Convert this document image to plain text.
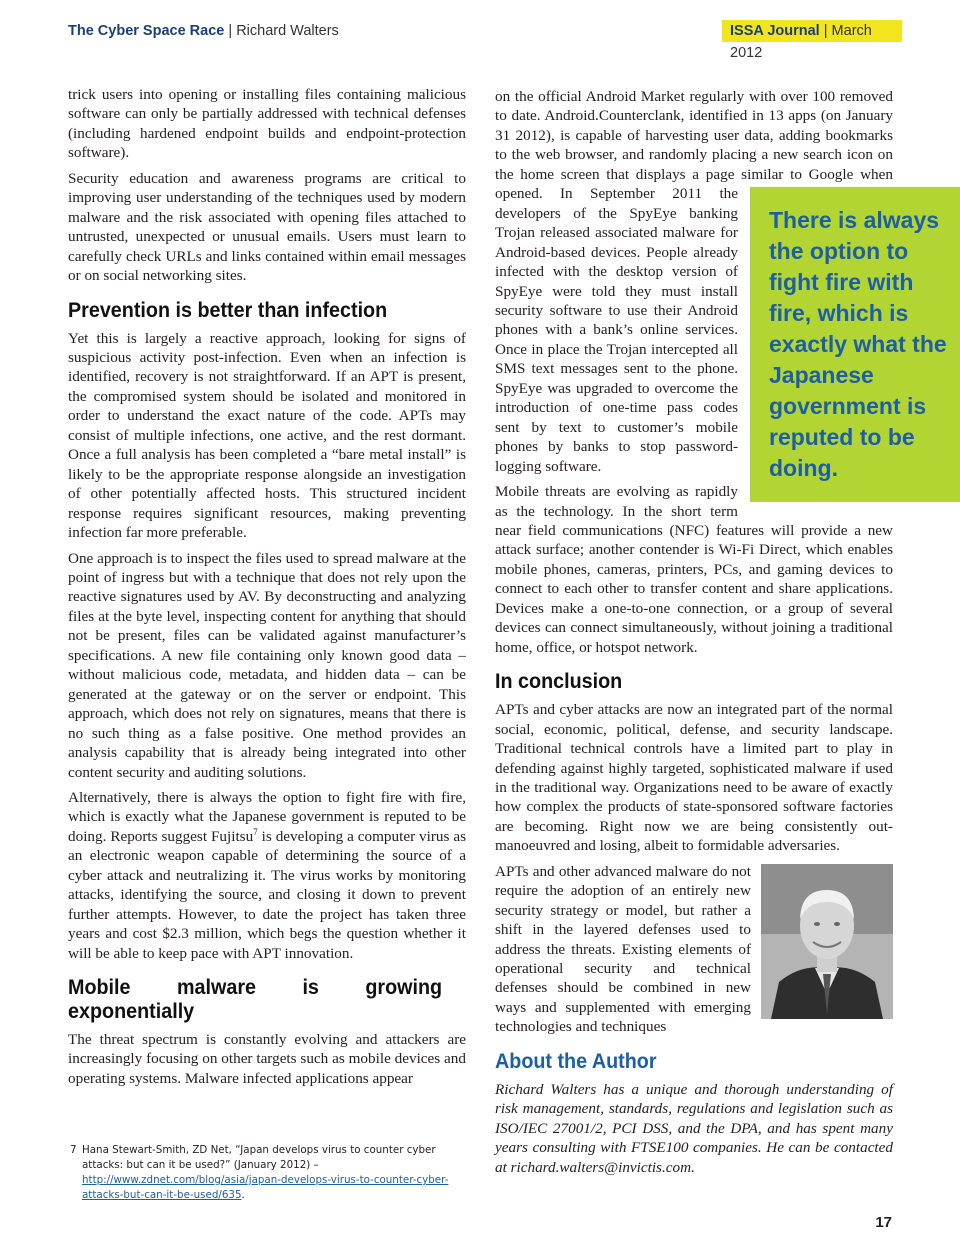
The Cyber Space Race | Richard Walters	ISSA Journal | March 2012

trick users into opening or installing files containing malicious software can only be partially addressed with technical defenses (including hardened endpoint builds and endpoint-protection software).

Security education and awareness programs are critical to improving user understanding of the techniques used by modern malware and the risk associated with opening files attached to untrusted, unexpected or unusual emails. Users must learn to carefully check URLs and links contained within email messages or on social networking sites.

Prevention is better than infection

Yet this is largely a reactive approach, looking for signs of suspicious activity post-infection. Even when an infection is identified, recovery is not straightforward. If an APT is present, the compromised system should be isolated and monitored in order to understand the exact nature of the code. APTs may consist of multiple infections, one active, and the rest dormant. Once a full analysis has been completed a “bare metal install” is likely to be the appropriate response alongside an investigation of other potentially affected hosts. This structured incident response requires significant resources, making preventing infection far more preferable.

One approach is to inspect the files used to spread malware at the point of ingress but with a technique that does not rely upon the reactive signatures used by AV. By deconstructing and analyzing files at the byte level, inspecting content for anything that should not be present, files can be validated against manufacturer’s specifications. A new file containing only known good data – without malicious code, metadata, and hidden data – can be generated at the gateway or on the server or endpoint. This approach, which does not rely on signatures, means that there is no such thing as a false positive. One method provides an analysis capability that is already being integrated into other content security and auditing solutions.

Alternatively, there is always the option to fight fire with fire, which is exactly what the Japanese government is reputed to be doing. Reports suggest Fujitsu$^7$ is developing a computer virus as an electronic weapon capable of determining the source of a cyber attack and neutralizing it. The virus works by monitoring attacks, identifying the source, and closing it down to prevent further attempts. However, to date the project has taken three years and cost $2.3 million, which begs the question whether it will be able to keep pace with APT innovation.

Mobile malware is growing exponentially

The threat spectrum is constantly evolving and attackers are increasingly focusing on other targets such as mobile devices and operating systems. Malware infected applications appear

on the official Android Market regularly with over 100 removed to date. Android.Counterclank, identified in 13 apps (on January 31 2012), is capable of harvesting user data, adding bookmarks to the web browser, and randomly placing a new search icon on the home screen that displays a page similar to Google when opened.
There is always the option to fight fire with fire, which is exactly what the Japanese government is reputed to be doing.
In September 2011 the developers of the SpyEye banking Trojan released associated malware for Android-based devices. People already infected with the desktop version of SpyEye were told they must install security software to use their Android phones with a bank’s online services. Once in place the Trojan intercepted all SMS text messages sent to the phone. SpyEye was upgraded to overcome the introduction of one-time pass codes sent by text to customer’s mobile phones by banks to stop password-logging software.

Mobile threats are evolving as rapidly as the technology. In the short term near field communications (NFC) features will provide a new attack surface; another contender is Wi-Fi Direct, which enables mobile phones, cameras, printers, PCs, and gaming devices to connect to each other to transfer content and share applications. Devices make a one-to-one connection, or a group of several devices can connect simultaneously, without joining a traditional home, office, or hotspot network.

In conclusion

APTs and cyber attacks are now an integrated part of the normal social, economic, political, defense, and security landscape. Traditional technical controls have a limited part to play in defending against highly targeted, sophisticated malware if used in the traditional way. Organizations need to be aware of exactly how complex the products of state-sponsored software factories are becoming. Right now we are being consistently out-manoeuvred and losing, albeit to formidable adversaries.

APTs and other advanced malware do not require the adoption of an entirely new security strategy or model, but rather a shift in the layered defenses used to address the threats. Existing elements of operational security and technical defenses should be combined in new ways and supplemented with emerging technologies and techniques

About the Author

Richard Walters has a unique and thorough understanding of risk management, standards, regulations and legislation such as ISO/IEC 27001/2, PCI DSS, and the DPA, and has spent many years consulting with FTSE100 companies. He can be contacted at richard.walters@invictis.com.

7 Hana Stewart-Smith, ZD Net, “Japan develops virus to counter cyber attacks: but can it be used?” (January 2012) – http://www.zdnet.com/blog/asia/japan-develops-virus-to-counter-cyber-attacks-but-can-it-be-used/635.
17
